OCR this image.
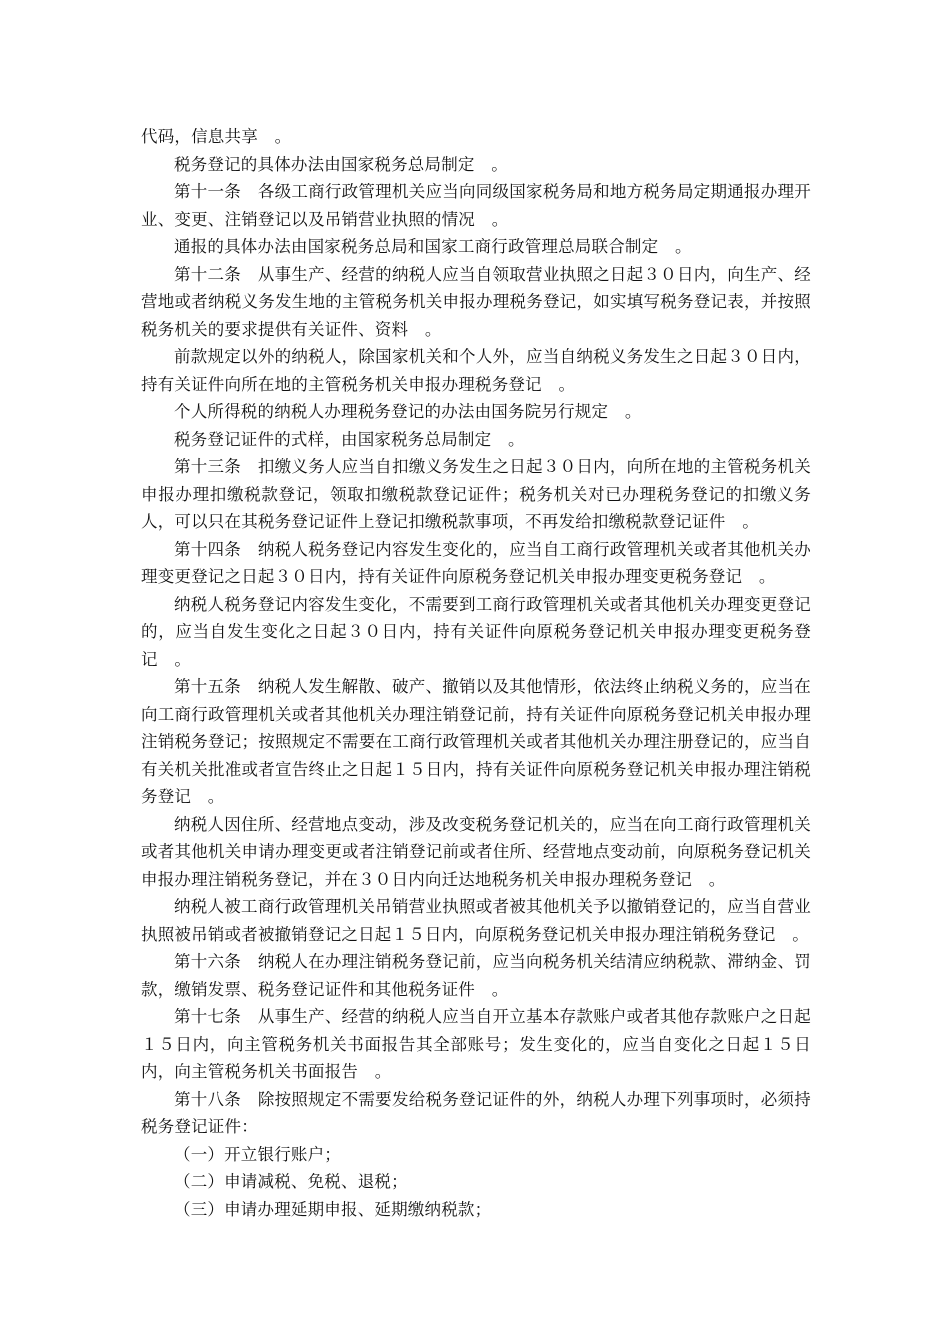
代码，信息共享　。

税务登记的具体办法由国家税务总局制定　。

第十一条　各级工商行政管理机关应当向同级国家税务局和地方税务局定期通报办理开业、变更、注销登记以及吊销营业执照的情况　。

通报的具体办法由国家税务总局和国家工商行政管理总局联合制定　。

第十二条　从事生产、经营的纳税人应当自领取营业执照之日起３０日内，向生产、经营地或者纳税义务发生地的主管税务机关申报办理税务登记，如实填写税务登记表，并按照税务机关的要求提供有关证件、资料　。

前款规定以外的纳税人，除国家机关和个人外，应当自纳税义务发生之日起３０日内，持有关证件向所在地的主管税务机关申报办理税务登记　。

个人所得税的纳税人办理税务登记的办法由国务院另行规定　。

税务登记证件的式样，由国家税务总局制定　。

第十三条　扣缴义务人应当自扣缴义务发生之日起３０日内，向所在地的主管税务机关申报办理扣缴税款登记，领取扣缴税款登记证件；税务机关对已办理税务登记的扣缴义务人，可以只在其税务登记证件上登记扣缴税款事项，不再发给扣缴税款登记证件　。

第十四条　纳税人税务登记内容发生变化的，应当自工商行政管理机关或者其他机关办理变更登记之日起３０日内，持有关证件向原税务登记机关申报办理变更税务登记　。

纳税人税务登记内容发生变化，不需要到工商行政管理机关或者其他机关办理变更登记的，应当自发生变化之日起３０日内，持有关证件向原税务登记机关申报办理变更税务登记　。

第十五条　纳税人发生解散、破产、撤销以及其他情形，依法终止纳税义务的，应当在向工商行政管理机关或者其他机关办理注销登记前，持有关证件向原税务登记机关申报办理注销税务登记；按照规定不需要在工商行政管理机关或者其他机关办理注册登记的，应当自有关机关批准或者宣告终止之日起１５日内，持有关证件向原税务登记机关申报办理注销税务登记　。

纳税人因住所、经营地点变动，涉及改变税务登记机关的，应当在向工商行政管理机关或者其他机关申请办理变更或者注销登记前或者住所、经营地点变动前，向原税务登记机关申报办理注销税务登记，并在３０日内向迁达地税务机关申报办理税务登记　。

纳税人被工商行政管理机关吊销营业执照或者被其他机关予以撤销登记的，应当自营业执照被吊销或者被撤销登记之日起１５日内，向原税务登记机关申报办理注销税务登记　。

第十六条　纳税人在办理注销税务登记前，应当向税务机关结清应纳税款、滞纳金、罚款，缴销发票、税务登记证件和其他税务证件　。

第十七条　从事生产、经营的纳税人应当自开立基本存款账户或者其他存款账户之日起１５日内，向主管税务机关书面报告其全部账号；发生变化的，应当自变化之日起１５日内，向主管税务机关书面报告　。

第十八条　除按照规定不需要发给税务登记证件的外，纳税人办理下列事项时，必须持税务登记证件：

（一）开立银行账户；

（二）申请减税、免税、退税；

（三）申请办理延期申报、延期缴纳税款；
